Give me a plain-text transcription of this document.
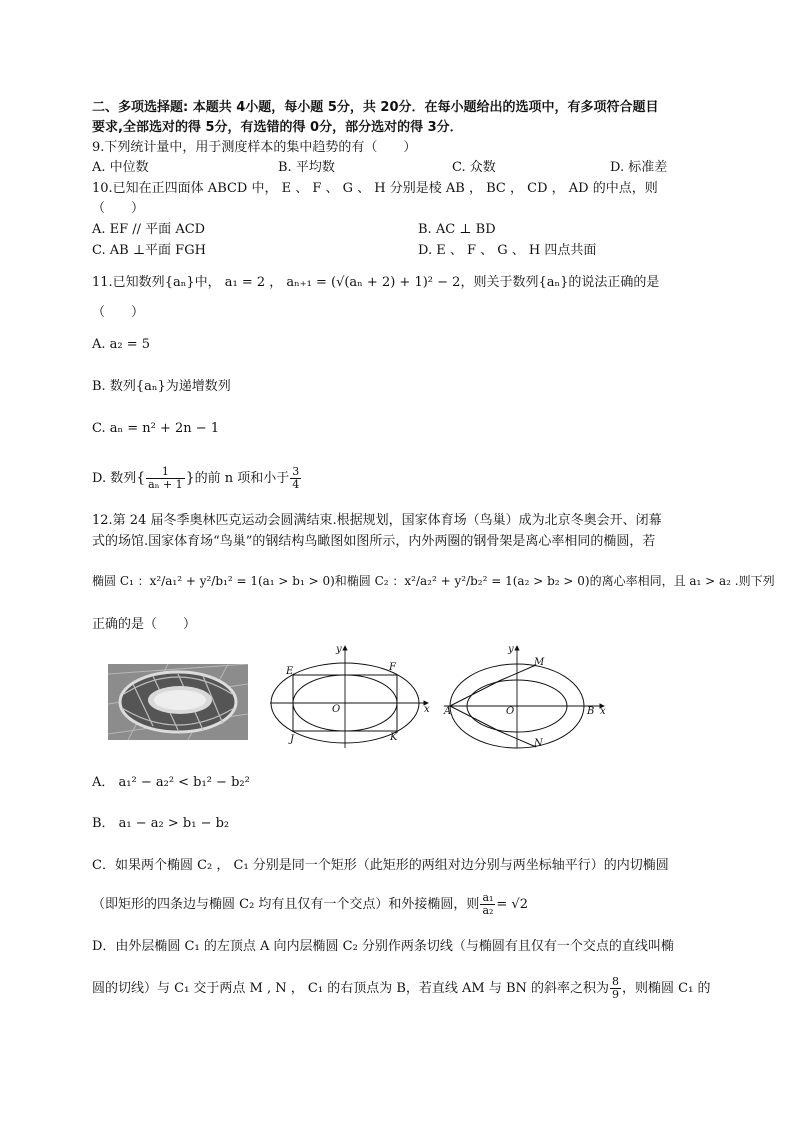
二、多项选择题: 本题共 4小题，每小题 5分，共 20分．在每小题给出的选项中，有多项符合题目
要求,全部选对的得 5分，有选错的得 0分，部分选对的得 3分．
9.下列统计量中，用于测度样本的集中趋势的有（　　）
A. 中位数	B. 平均数	C. 众数	D. 标准差
10.已知在正四面体 ABCD 中， E 、 F 、 G 、 H 分别是棱 AB ， BC ， CD ， AD 的中点，则
（　　）
A. EF // 平面 ACD	B. AC ⊥ BD
C. AB ⊥平面 FGH	D. E 、 F 、 G 、 H 四点共面
11.已知数列{aₙ}中， a₁ = 2 ， aₙ₊₁ = (√(aₙ + 2) + 1)² − 2，则关于数列{aₙ}的说法正确的是
（　　）
A. a₂ = 5
B. 数列{aₙ}为递增数列
C. aₙ = n² + 2n − 1
D. 数列{ $\frac{1}{\text{aₙ + 1}}$ }的前 n 项和小于 $\frac{3}{4}$
12.第 24 届冬季奥林匹克运动会圆满结束.根据规划，国家体育场（鸟巢）成为北京冬奥会开、闭幕
式的场馆.国家体育场“鸟巢”的钢结构鸟瞰图如图所示，内外两圈的钢骨架是离心率相同的椭圆，若
椭圆 C₁ ：x²/a₁² + y²/b₁² = 1(a₁ > b₁ > 0)和椭圆 C₂ ：x²/a₂² + y²/b₂² = 1(a₂ > b₂ > 0)的离心率相同，且 a₁ > a₂ .则下列
正确的是（　　）
E	F
J	K
O	x
y
M
N
A	B
O	x
y
A． a₁² − a₂² < b₁² − b₂²
B． a₁ − a₂ > b₁ − b₂
C．如果两个椭圆 C₂ ， C₁ 分别是同一个矩形（此矩形的两组对边分别与两坐标轴平行）的内切椭圆
（即矩形的四条边与椭圆 C₂ 均有且仅有一个交点）和外接椭圆，则 $\frac{\text{a₁}}{\text{a₂}} = √2$
D．由外层椭圆 C₁ 的左顶点 A 向内层椭圆 C₂ 分别作两条切线（与椭圆有且仅有一个交点的直线叫椭
圆的切线）与 C₁ 交于两点 M , N ， C₁ 的右顶点为 B，若直线 AM 与 BN 的斜率之积为 $\frac{8}{9}$ ，则椭圆 C₁ 的
